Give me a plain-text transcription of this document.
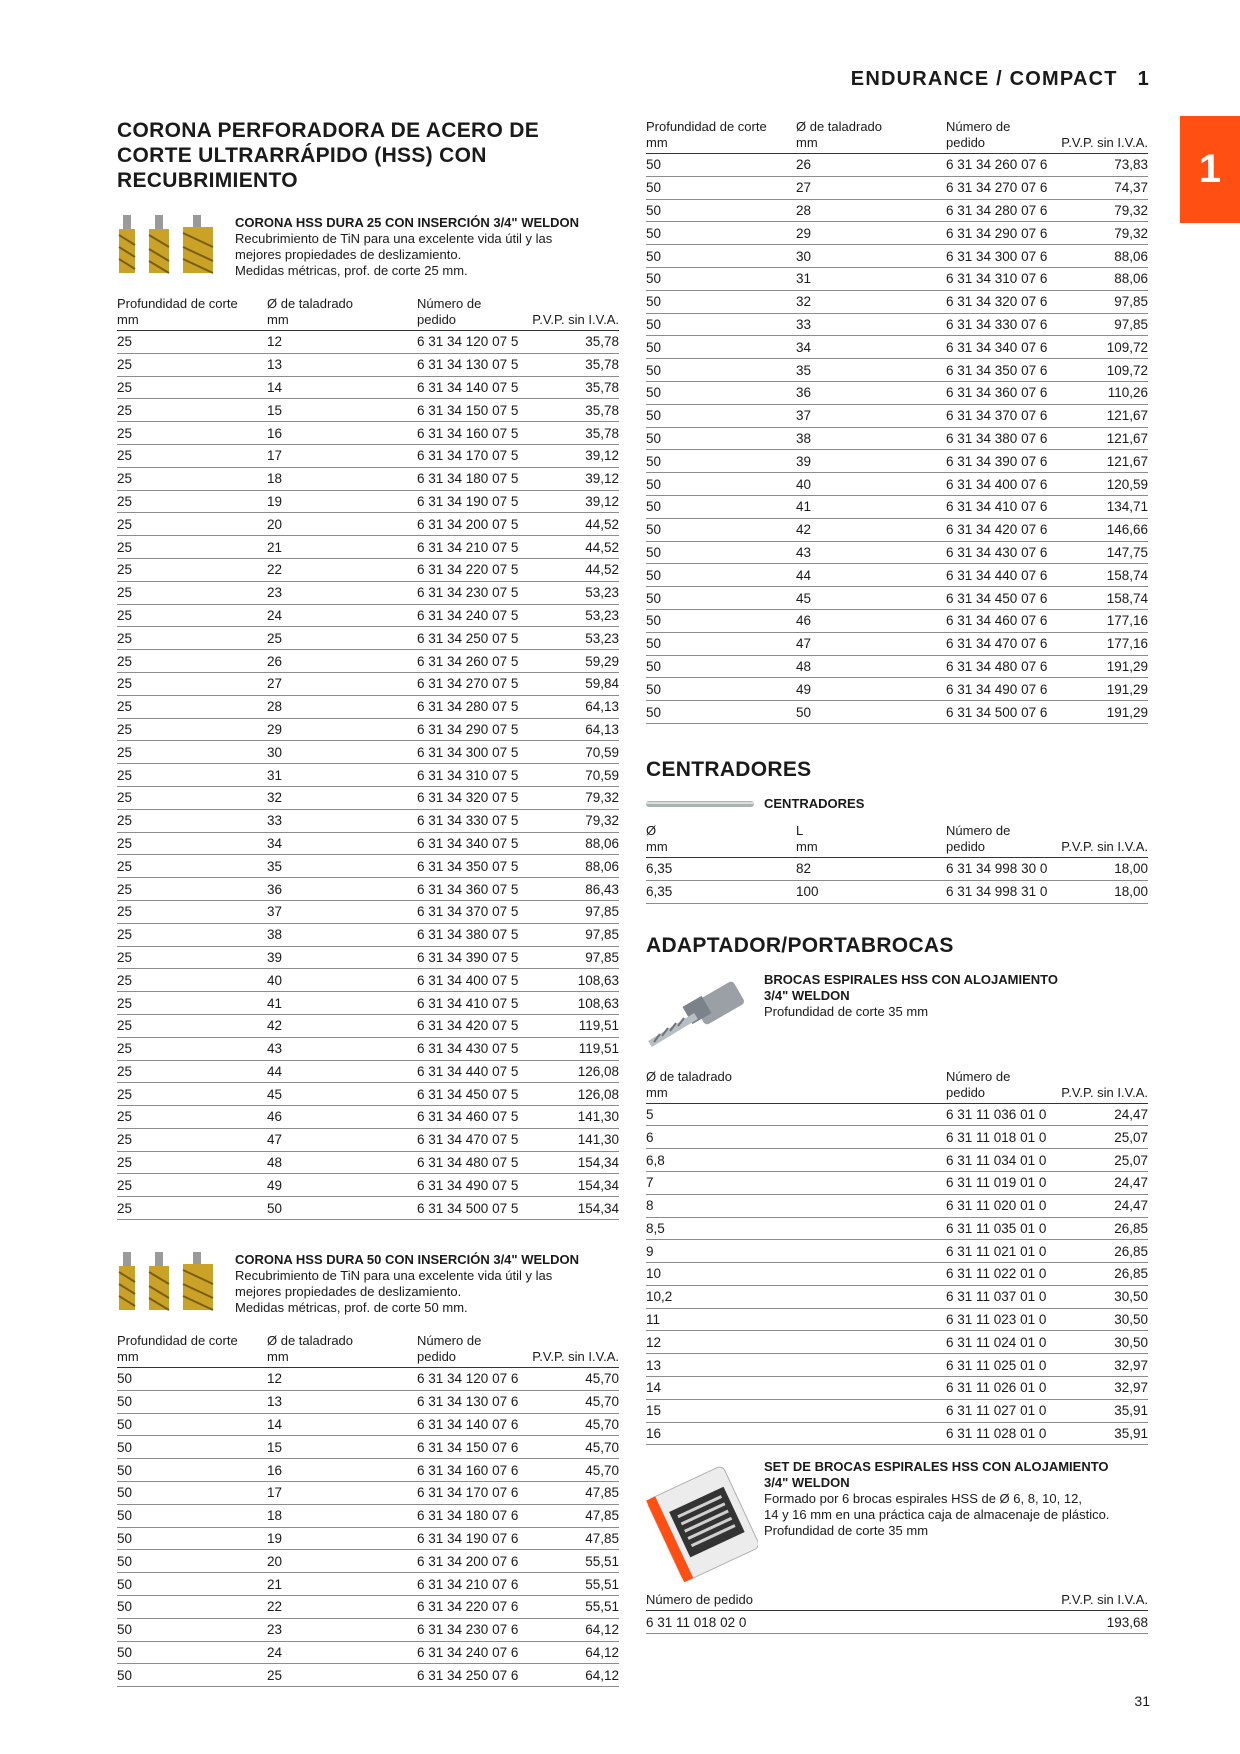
ENDURANCE / COMPACT 1
1
CORONA PERFORADORA DE ACERO DE CORTE ULTRARRÁPIDO (HSS) CON RECUBRIMIENTO
CORONA HSS DURA 25 CON INSERCIÓN 3/4" WELDON
Recubrimiento de TiN para una excelente vida útil y las
mejores propiedades de deslizamiento.
Medidas métricas, prof. de corte 25 mm.
Profundidad de corte
mm	Ø de taladrado
mm	Número de
pedido	P.V.P. sin I.V.A.
25	12	6 31 34 120 07 5	35,78
25	13	6 31 34 130 07 5	35,78
25	14	6 31 34 140 07 5	35,78
25	15	6 31 34 150 07 5	35,78
25	16	6 31 34 160 07 5	35,78
25	17	6 31 34 170 07 5	39,12
25	18	6 31 34 180 07 5	39,12
25	19	6 31 34 190 07 5	39,12
25	20	6 31 34 200 07 5	44,52
25	21	6 31 34 210 07 5	44,52
25	22	6 31 34 220 07 5	44,52
25	23	6 31 34 230 07 5	53,23
25	24	6 31 34 240 07 5	53,23
25	25	6 31 34 250 07 5	53,23
25	26	6 31 34 260 07 5	59,29
25	27	6 31 34 270 07 5	59,84
25	28	6 31 34 280 07 5	64,13
25	29	6 31 34 290 07 5	64,13
25	30	6 31 34 300 07 5	70,59
25	31	6 31 34 310 07 5	70,59
25	32	6 31 34 320 07 5	79,32
25	33	6 31 34 330 07 5	79,32
25	34	6 31 34 340 07 5	88,06
25	35	6 31 34 350 07 5	88,06
25	36	6 31 34 360 07 5	86,43
25	37	6 31 34 370 07 5	97,85
25	38	6 31 34 380 07 5	97,85
25	39	6 31 34 390 07 5	97,85
25	40	6 31 34 400 07 5	108,63
25	41	6 31 34 410 07 5	108,63
25	42	6 31 34 420 07 5	119,51
25	43	6 31 34 430 07 5	119,51
25	44	6 31 34 440 07 5	126,08
25	45	6 31 34 450 07 5	126,08
25	46	6 31 34 460 07 5	141,30
25	47	6 31 34 470 07 5	141,30
25	48	6 31 34 480 07 5	154,34
25	49	6 31 34 490 07 5	154,34
25	50	6 31 34 500 07 5	154,34
CORONA HSS DURA 50 CON INSERCIÓN 3/4" WELDON
Recubrimiento de TiN para una excelente vida útil y las
mejores propiedades de deslizamiento.
Medidas métricas, prof. de corte 50 mm.
Profundidad de corte
mm	Ø de taladrado
mm	Número de
pedido	P.V.P. sin I.V.A.
50	12	6 31 34 120 07 6	45,70
50	13	6 31 34 130 07 6	45,70
50	14	6 31 34 140 07 6	45,70
50	15	6 31 34 150 07 6	45,70
50	16	6 31 34 160 07 6	45,70
50	17	6 31 34 170 07 6	47,85
50	18	6 31 34 180 07 6	47,85
50	19	6 31 34 190 07 6	47,85
50	20	6 31 34 200 07 6	55,51
50	21	6 31 34 210 07 6	55,51
50	22	6 31 34 220 07 6	55,51
50	23	6 31 34 230 07 6	64,12
50	24	6 31 34 240 07 6	64,12
50	25	6 31 34 250 07 6	64,12
Profundidad de corte
mm	Ø de taladrado
mm	Número de
pedido	P.V.P. sin I.V.A.
50	26	6 31 34 260 07 6	73,83
50	27	6 31 34 270 07 6	74,37
50	28	6 31 34 280 07 6	79,32
50	29	6 31 34 290 07 6	79,32
50	30	6 31 34 300 07 6	88,06
50	31	6 31 34 310 07 6	88,06
50	32	6 31 34 320 07 6	97,85
50	33	6 31 34 330 07 6	97,85
50	34	6 31 34 340 07 6	109,72
50	35	6 31 34 350 07 6	109,72
50	36	6 31 34 360 07 6	110,26
50	37	6 31 34 370 07 6	121,67
50	38	6 31 34 380 07 6	121,67
50	39	6 31 34 390 07 6	121,67
50	40	6 31 34 400 07 6	120,59
50	41	6 31 34 410 07 6	134,71
50	42	6 31 34 420 07 6	146,66
50	43	6 31 34 430 07 6	147,75
50	44	6 31 34 440 07 6	158,74
50	45	6 31 34 450 07 6	158,74
50	46	6 31 34 460 07 6	177,16
50	47	6 31 34 470 07 6	177,16
50	48	6 31 34 480 07 6	191,29
50	49	6 31 34 490 07 6	191,29
50	50	6 31 34 500 07 6	191,29
CENTRADORES
CENTRADORES
Ø
mm	L
mm	Número de
pedido	P.V.P. sin I.V.A.
6,35	82	6 31 34 998 30 0	18,00
6,35	100	6 31 34 998 31 0	18,00
ADAPTADOR/PORTABROCAS
BROCAS ESPIRALES HSS CON ALOJAMIENTO
3/4" WELDON
Profundidad de corte 35 mm
Ø de taladrado
mm	Número de
pedido	P.V.P. sin I.V.A.
5	6 31 11 036 01 0	24,47
6	6 31 11 018 01 0	25,07
6,8	6 31 11 034 01 0	25,07
7	6 31 11 019 01 0	24,47
8	6 31 11 020 01 0	24,47
8,5	6 31 11 035 01 0	26,85
9	6 31 11 021 01 0	26,85
10	6 31 11 022 01 0	26,85
10,2	6 31 11 037 01 0	30,50
11	6 31 11 023 01 0	30,50
12	6 31 11 024 01 0	30,50
13	6 31 11 025 01 0	32,97
14	6 31 11 026 01 0	32,97
15	6 31 11 027 01 0	35,91
16	6 31 11 028 01 0	35,91
SET DE BROCAS ESPIRALES HSS CON ALOJAMIENTO
3/4" WELDON
Formado por 6 brocas espirales HSS de Ø 6, 8, 10, 12,
14 y 16 mm en una práctica caja de almacenaje de plástico.
Profundidad de corte 35 mm
Número de pedido	P.V.P. sin I.V.A.
6 31 11 018 02 0	193,68
31
